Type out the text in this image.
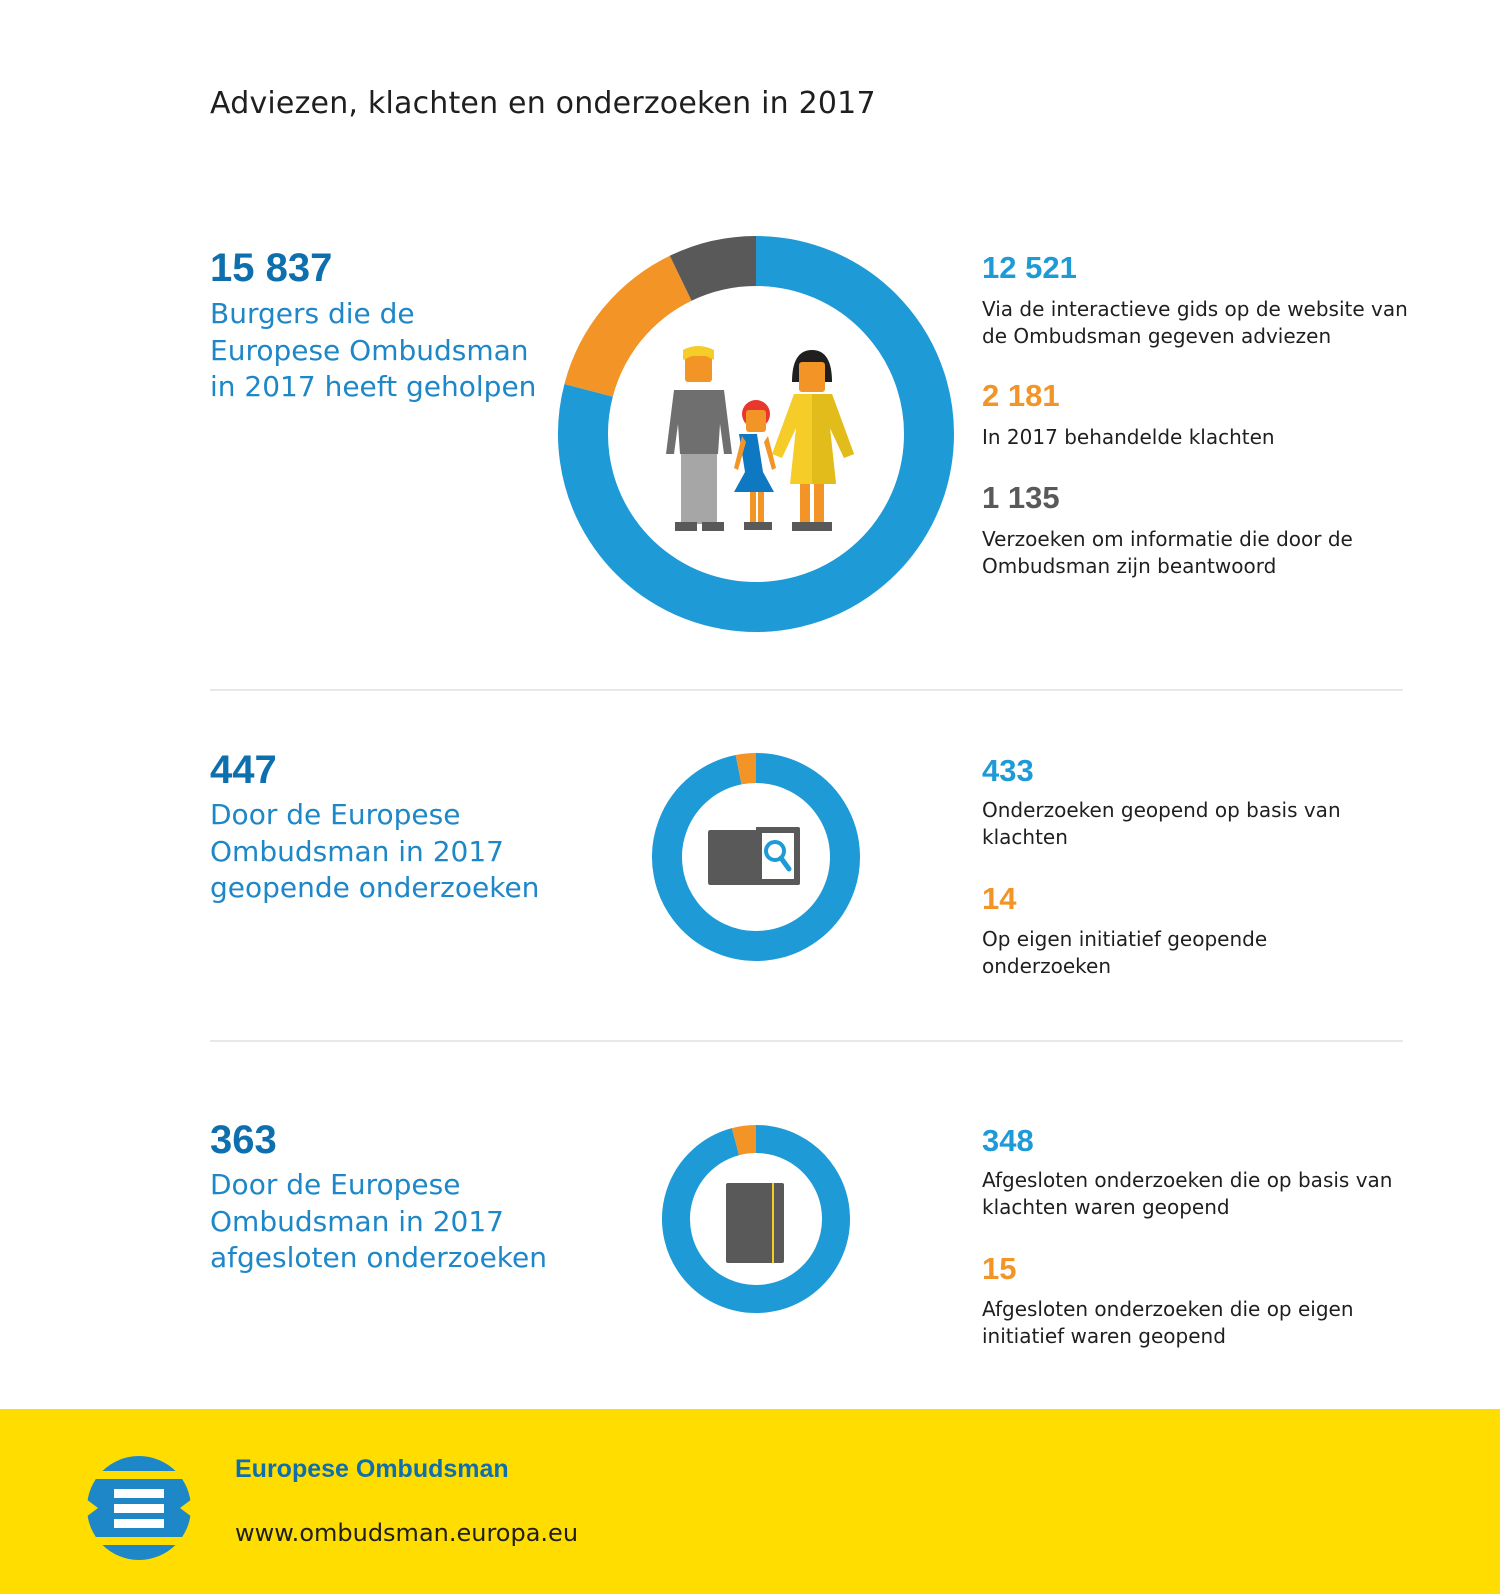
Adviezen, klachten en onderzoeken in 2017
15 837
Burgers die de
Europese Ombudsman
in 2017 heeft geholpen
12 521
Via de interactieve gids op de website van
de Ombudsman gegeven adviezen
2 181
In 2017 behandelde klachten
1 135
Verzoeken om informatie die door de
Ombudsman zijn beantwoord
447
Door de Europese
Ombudsman in 2017
geopende onderzoeken
433
Onderzoeken geopend op basis van
klachten
14
Op eigen initiatief geopende
onderzoeken
363
Door de Europese
Ombudsman in 2017
afgesloten onderzoeken
348
Afgesloten onderzoeken die op basis van
klachten waren geopend
15
Afgesloten onderzoeken die op eigen
initiatief waren geopend
Europese Ombudsman
www.ombudsman.europa.eu
